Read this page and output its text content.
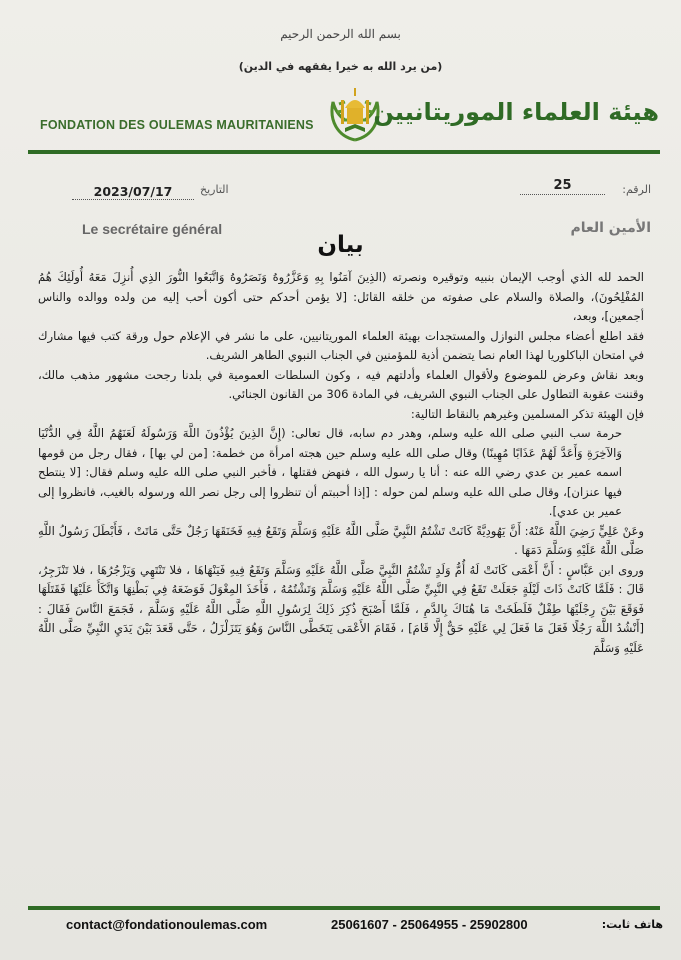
بسم الله الرحمن الرحيم
(من يرد الله به خيرا يفقهه في الدين)
FONDATION DES OULEMAS MAURITANIENS هيئة العلماء الموريتانيين
الرقم:
25
التاريخ
2023/07/17
Le secrétaire général	الأمين العام
بيان

الحمد لله الذي أوجب الإيمان بنبيه وتوقيره ونصرته (الذِينَ آمَنُوا بِهِ وَعَزَّرُوهُ وَنَصَرُوهُ وَاتَّبَعُوا النُّورَ الذِي أُنزِلَ مَعَهُ أُولَئِكَ هُمُ المُفْلِحُونَ)، والصلاة والسلام على صفوته من خلقه القائل: [لا يؤمن أحدكم حتى أكون أحب إليه من ولده ووالده والناس أجمعين]، وبعد،

فقد اطلع أعضاء مجلس النوازل والمستجدات بهيئة العلماء الموريتانيين، على ما نشر في الإعلام حول ورقة كتب فيها مشارك في امتحان الباكلوريا لهذا العام نصا يتضمن أذية للمؤمنين في الجناب النبوي الطاهر الشريف.

وبعد نقاش وعرض للموضوع ولأقوال العلماء وأدلتهم فيه ، وكون السلطات العمومية في بلدنا رجحت مشهور مذهب مالك، وقننت عقوبة التطاول على الجناب النبوي الشريف، في المادة 306 من القانون الجنائي.

فإن الهيئة تذكر المسلمين وغيرهم بالنقاط التالية:

حرمة سب النبي صلى الله عليه وسلم، وهدر دم سابه، قال تعالى: (إِنَّ الذِينَ يُؤْذُونَ اللَّهَ وَرَسُولَهُ لَعَنَهُمُ اللَّهُ فِي الدُّنْيَا وَالآخِرَةِ وَأَعَدَّ لَهُمْ عَذَابًا مُهِينًا) وقال صلى الله عليه وسلم حين هجته امرأة من خطمة: [من لي بها] ، فقال رجل من قومها اسمه عمير بن عدي رضي الله عنه : أنا يا رسول الله ، فنهض فقتلها ، فأخبر النبي صلى الله عليه وسلم فقال: [لا ينتطح فيها عنزان]، وقال صلى الله عليه وسلم لمن حوله : [إذا أحببتم أن تنظروا إلى رجل نصر الله ورسوله بالغيب، فانظروا إلى عمير بن عدي].

وعَنْ عَلِيٍّ رَضِيَ اللَّهُ عَنْهُ: أَنَّ يَهُودِيَّةً كَانَتْ تَشْتُمُ النَّبِيَّ صَلَّى اللَّهُ عَلَيْهِ وَسَلَّمَ وَتَقَعُ فِيهِ فَخَنَقَهَا رَجُلٌ حَتَّى مَاتَتْ ، فَأَبْطَلَ رَسُولُ اللَّهِ صَلَّى اللَّهُ عَلَيْهِ وَسَلَّمَ دَمَهَا .

وروى ابن عَبَّاسٍ : أَنَّ أَعْمَى كَانَتْ لَهُ أُمُّ وَلَدٍ تَشْتُمُ النَّبِيَّ صَلَّى اللَّهُ عَلَيْهِ وَسَلَّمَ وَتَقَعُ فِيهِ فَيَنْهَاهَا ، فلا تَنْتَهِي وَيَزْجُرُهَا ، فلا تَنْزَجِرُ، قَالَ : فَلَمَّا كَانَتْ ذَاتَ لَيْلَةٍ جَعَلَتْ تَقَعُ فِي النَّبِيِّ صَلَّى اللَّهُ عَلَيْهِ وَسَلَّمَ وَتَشْتُمُهُ ، فَأَخَذَ المِغْوَلَ فَوَضَعَهُ فِي بَطْنِهَا وَاتَّكَأَ عَلَيْهَا فَقَتَلَهَا فَوَقَعَ بَيْنَ رِجْلَيْهَا طِفْلٌ فَلَطَخَتْ مَا هُنَاكَ بِالدَّمِ ، فَلَمَّا أَصْبَحَ ذُكِرَ ذَلِكَ لِرَسُولِ اللَّهِ صَلَّى اللَّهُ عَلَيْهِ وَسَلَّمَ ، فَجَمَعَ النَّاسَ فَقَالَ : [أَنْشُدُ اللَّهَ رَجُلًا فَعَلَ مَا فَعَلَ لِي عَلَيْهِ حَقٌّ إِلَّا قَامَ] ، فَقَامَ الأَعْمَى يَتَخَطَّى النَّاسَ وَهُوَ يَتَزَلْزَلُ ، حَتَّى قَعَدَ بَيْنَ يَدَيِ النَّبِيِّ صَلَّى اللَّهُ عَلَيْهِ وَسَلَّمَ

contact@fondationoulemas.com	25061607 - 25064955 - 25902800	هاتف ثابت:
